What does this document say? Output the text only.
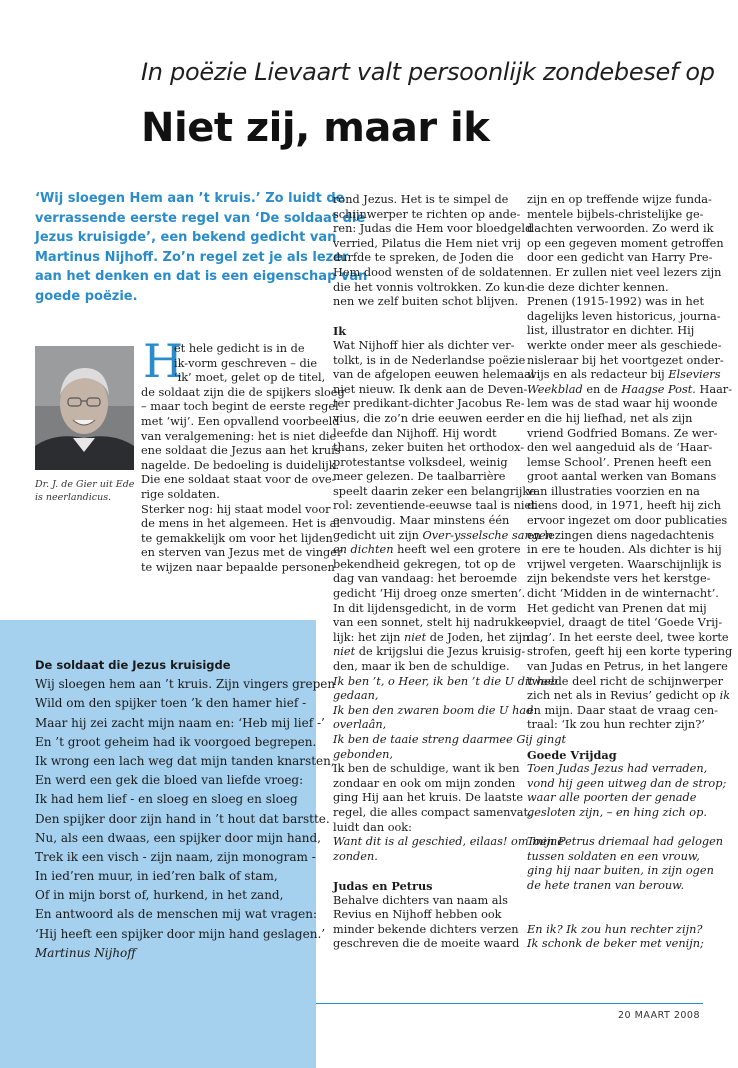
In poëzie Lievaart valt persoonlijk zondebesef op
Niet zij, maar ik
‘Wij sloegen Hem aan ’t kruis.’ Zo luidt de
verrassende eerste regel van ‘De soldaat die
Jezus kruisigde’, een bekend gedicht van
Martinus Nijhoff. Zo’n regel zet je als lezer
aan het denken en dat is een eigenschap van
goede poëzie.
Dr. J. de Gier uit Ede
is neerlandicus.
H
et hele gedicht is in de
ik-vorm geschreven – die
‘ik’ moet, gelet op de titel,
de soldaat zijn die de spijkers sloeg
– maar toch begint de eerste regel
met ‘wij’. Een opvallend voorbeeld
van veralgemening: het is niet die
ene soldaat die Jezus aan het kruis
nagelde. De bedoeling is duidelijk.
Die ene soldaat staat voor de ove-
rige soldaten.
Sterker nog: hij staat model voor
de mens in het algemeen. Het is al
te gemakkelijk om voor het lijden
en sterven van Jezus met de vinger
te wijzen naar bepaalde personen
rond Jezus. Het is te simpel de
schijnwerper te richten op ande-
ren: Judas die Hem voor bloedgeld
verried, Pilatus die Hem niet vrij
durfde te spreken, de Joden die
Hem dood wensten of de soldaten
die het vonnis voltrokken. Zo kun-
nen we zelf buiten schot blijven.
Ik
Wat Nijhoff hier als dichter ver-
tolkt, is in de Nederlandse poëzie
van de afgelopen eeuwen helemaal
niet nieuw. Ik denk aan de Deven-
ter predikant-dichter Jacobus Re-
vius, die zo’n drie eeuwen eerder
leefde dan Nijhoff. Hij wordt
thans, zeker buiten het orthodox-
protestantse volksdeel, weinig
meer gelezen. De taalbarrière
speelt daarin zeker een belangrijke
rol: zeventiende-eeuwse taal is niet
eenvoudig. Maar minstens één
gedicht uit zijn Over-ysselsche sangen
en dichten heeft wel een grotere
bekendheid gekregen, tot op de
dag van vandaag: het beroemde
gedicht ‘Hij droeg onze smerten’.
In dit lijdensgedicht, in de vorm
van een sonnet, stelt hij nadrukke-
lijk: het zijn niet de Joden, het zijn
niet de krijgslui die Jezus kruisig-
den, maar ik ben de schuldige.
Ik ben ’t, o Heer, ik ben ’t die U dit heb
gedaan,
Ik ben den zwaren boom die U had
overlaân,
Ik ben de taaie streng daarmee Gij gingt
gebonden,
Ik ben de schuldige, want ik ben
zondaar en ook om mijn zonden
ging Hij aan het kruis. De laatste
regel, die alles compact samenvat,
luidt dan ook:
Want dit is al geschied, eilaas! om mijne
zonden.
Judas en Petrus
Behalve dichters van naam als
Revius en Nijhoff hebben ook
minder bekende dichters verzen
geschreven die de moeite waard
zijn en op treffende wijze funda-
mentele bijbels-christelijke ge-
dachten verwoorden. Zo werd ik
op een gegeven moment getroffen
door een gedicht van Harry Pre-
nen. Er zullen niet veel lezers zijn
die deze dichter kennen.
Prenen (1915-1992) was in het
dagelijks leven historicus, journa-
list, illustrator en dichter. Hij
werkte onder meer als geschiede-
nisleraar bij het voortgezet onder-
wijs en als redacteur bij Elseviers
Weekblad en de Haagse Post. Haar-
lem was de stad waar hij woonde
en die hij liefhad, net als zijn
vriend Godfried Bomans. Ze wer-
den wel aangeduid als de ‘Haar-
lemse School’. Prenen heeft een
groot aantal werken van Bomans
van illustraties voorzien en na
diens dood, in 1971, heeft hij zich
ervoor ingezet om door publicaties
en lezingen diens nagedachtenis
in ere te houden. Als dichter is hij
vrijwel vergeten. Waarschijnlijk is
zijn bekendste vers het kerstge-
dicht ‘Midden in de winternacht’.
Het gedicht van Prenen dat mij
opviel, draagt de titel ‘Goede Vrij-
dag’. In het eerste deel, twee korte
strofen, geeft hij een korte typering
van Judas en Petrus, in het langere
tweede deel richt de schijnwerper
zich net als in Revius’ gedicht op ik
en mijn. Daar staat de vraag cen-
traal: ‘Ik zou hun rechter zijn?’
Goede Vrijdag
Toen Judas Jezus had verraden,
vond hij geen uitweg dan de strop;
waar alle poorten der genade
gesloten zijn, – en hing zich op.
Toen Petrus driemaal had gelogen
tussen soldaten en een vrouw,
ging hij naar buiten, in zijn ogen
de hete tranen van berouw.
En ik? Ik zou hun rechter zijn?
Ik schonk de beker met venijn;
De soldaat die Jezus kruisigde
Wij sloegen hem aan ’t kruis. Zijn vingers grepen
Wild om den spijker toen ’k den hamer hief -
Maar hij zei zacht mijn naam en: ‘Heb mij lief -’
En ’t groot geheim had ik voorgoed begrepen.
Ik wrong een lach weg dat mijn tanden knarsten,
En werd een gek die bloed van liefde vroeg:
Ik had hem lief - en sloeg en sloeg en sloeg
Den spijker door zijn hand in ’t hout dat barstte.
Nu, als een dwaas, een spijker door mijn hand,
Trek ik een visch - zijn naam, zijn monogram -
In ied’ren muur, in ied’ren balk of stam,
Of in mijn borst of, hurkend, in het zand,
En antwoord als de menschen mij wat vragen:
‘Hij heeft een spijker door mijn hand geslagen.’
Martinus Nijhoff
20 MAART 2008
